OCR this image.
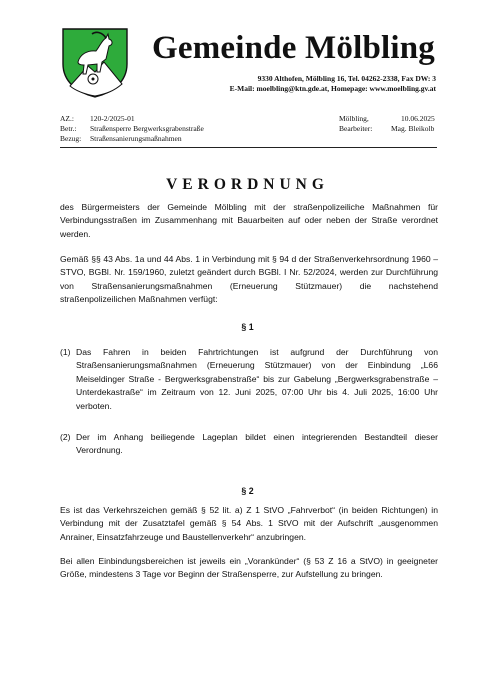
Gemeinde Mölbling
9330 Althofen, Mölbling 16, Tel. 04262-2338, Fax DW: 3
E-Mail: moelbling@ktn.gde.at, Homepage: www.moelbling.gv.at
AZ.: 120-2/2025-01
Betr.: Straßensperre Bergwerksgrabenstraße
Bezug: Straßensanierungsmaßnahmen
Mölbling,	10.06.2025
Bearbeiter: Mag. Bleikolb
VERORDNUNG
des Bürgermeisters der Gemeinde Mölbling mit der straßenpolizeiliche Maßnahmen für Verbindungsstraßen im Zusammenhang mit Bauarbeiten auf oder neben der Straße verordnet werden.
Gemäß §§ 43 Abs. 1a und 44 Abs. 1 in Verbindung mit § 94 d der Straßenverkehrsordnung 1960 – STVO, BGBl. Nr. 159/1960, zuletzt geändert durch BGBl. I Nr. 52/2024, werden zur Durchführung von Straßensanierungsmaßnahmen (Erneuerung Stützmauer) die nachstehend straßenpolizeilichen Maßnahmen verfügt:
§ 1
(1) Das Fahren in beiden Fahrtrichtungen ist aufgrund der Durchführung von Straßensanierungsmaßnahmen (Erneuerung Stützmauer) von der Einbindung „L66 Meiseldinger Straße - Bergwerksgrabenstraße“ bis zur Gabelung „Bergwerksgrabenstraße – Unterdekastraße“ im Zeitraum von 12. Juni 2025, 07:00 Uhr bis 4. Juli 2025, 16:00 Uhr verboten.
(2) Der im Anhang beiliegende Lageplan bildet einen integrierenden Bestandteil dieser Verordnung.
§ 2
Es ist das Verkehrszeichen gemäß § 52 lit. a) Z 1 StVO „Fahrverbot“ (in beiden Richtungen) in Verbindung mit der Zusatztafel gemäß § 54 Abs. 1 StVO mit der Aufschrift „ausgenommen Anrainer, Einsatzfahrzeuge und Baustellenverkehr“ anzubringen.
Bei allen Einbindungsbereichen ist jeweils ein „Vorankünder“ (§ 53 Z 16 a StVO) in geeigneter Größe, mindestens 3 Tage vor Beginn der Straßensperre, zur Aufstellung zu bringen.
